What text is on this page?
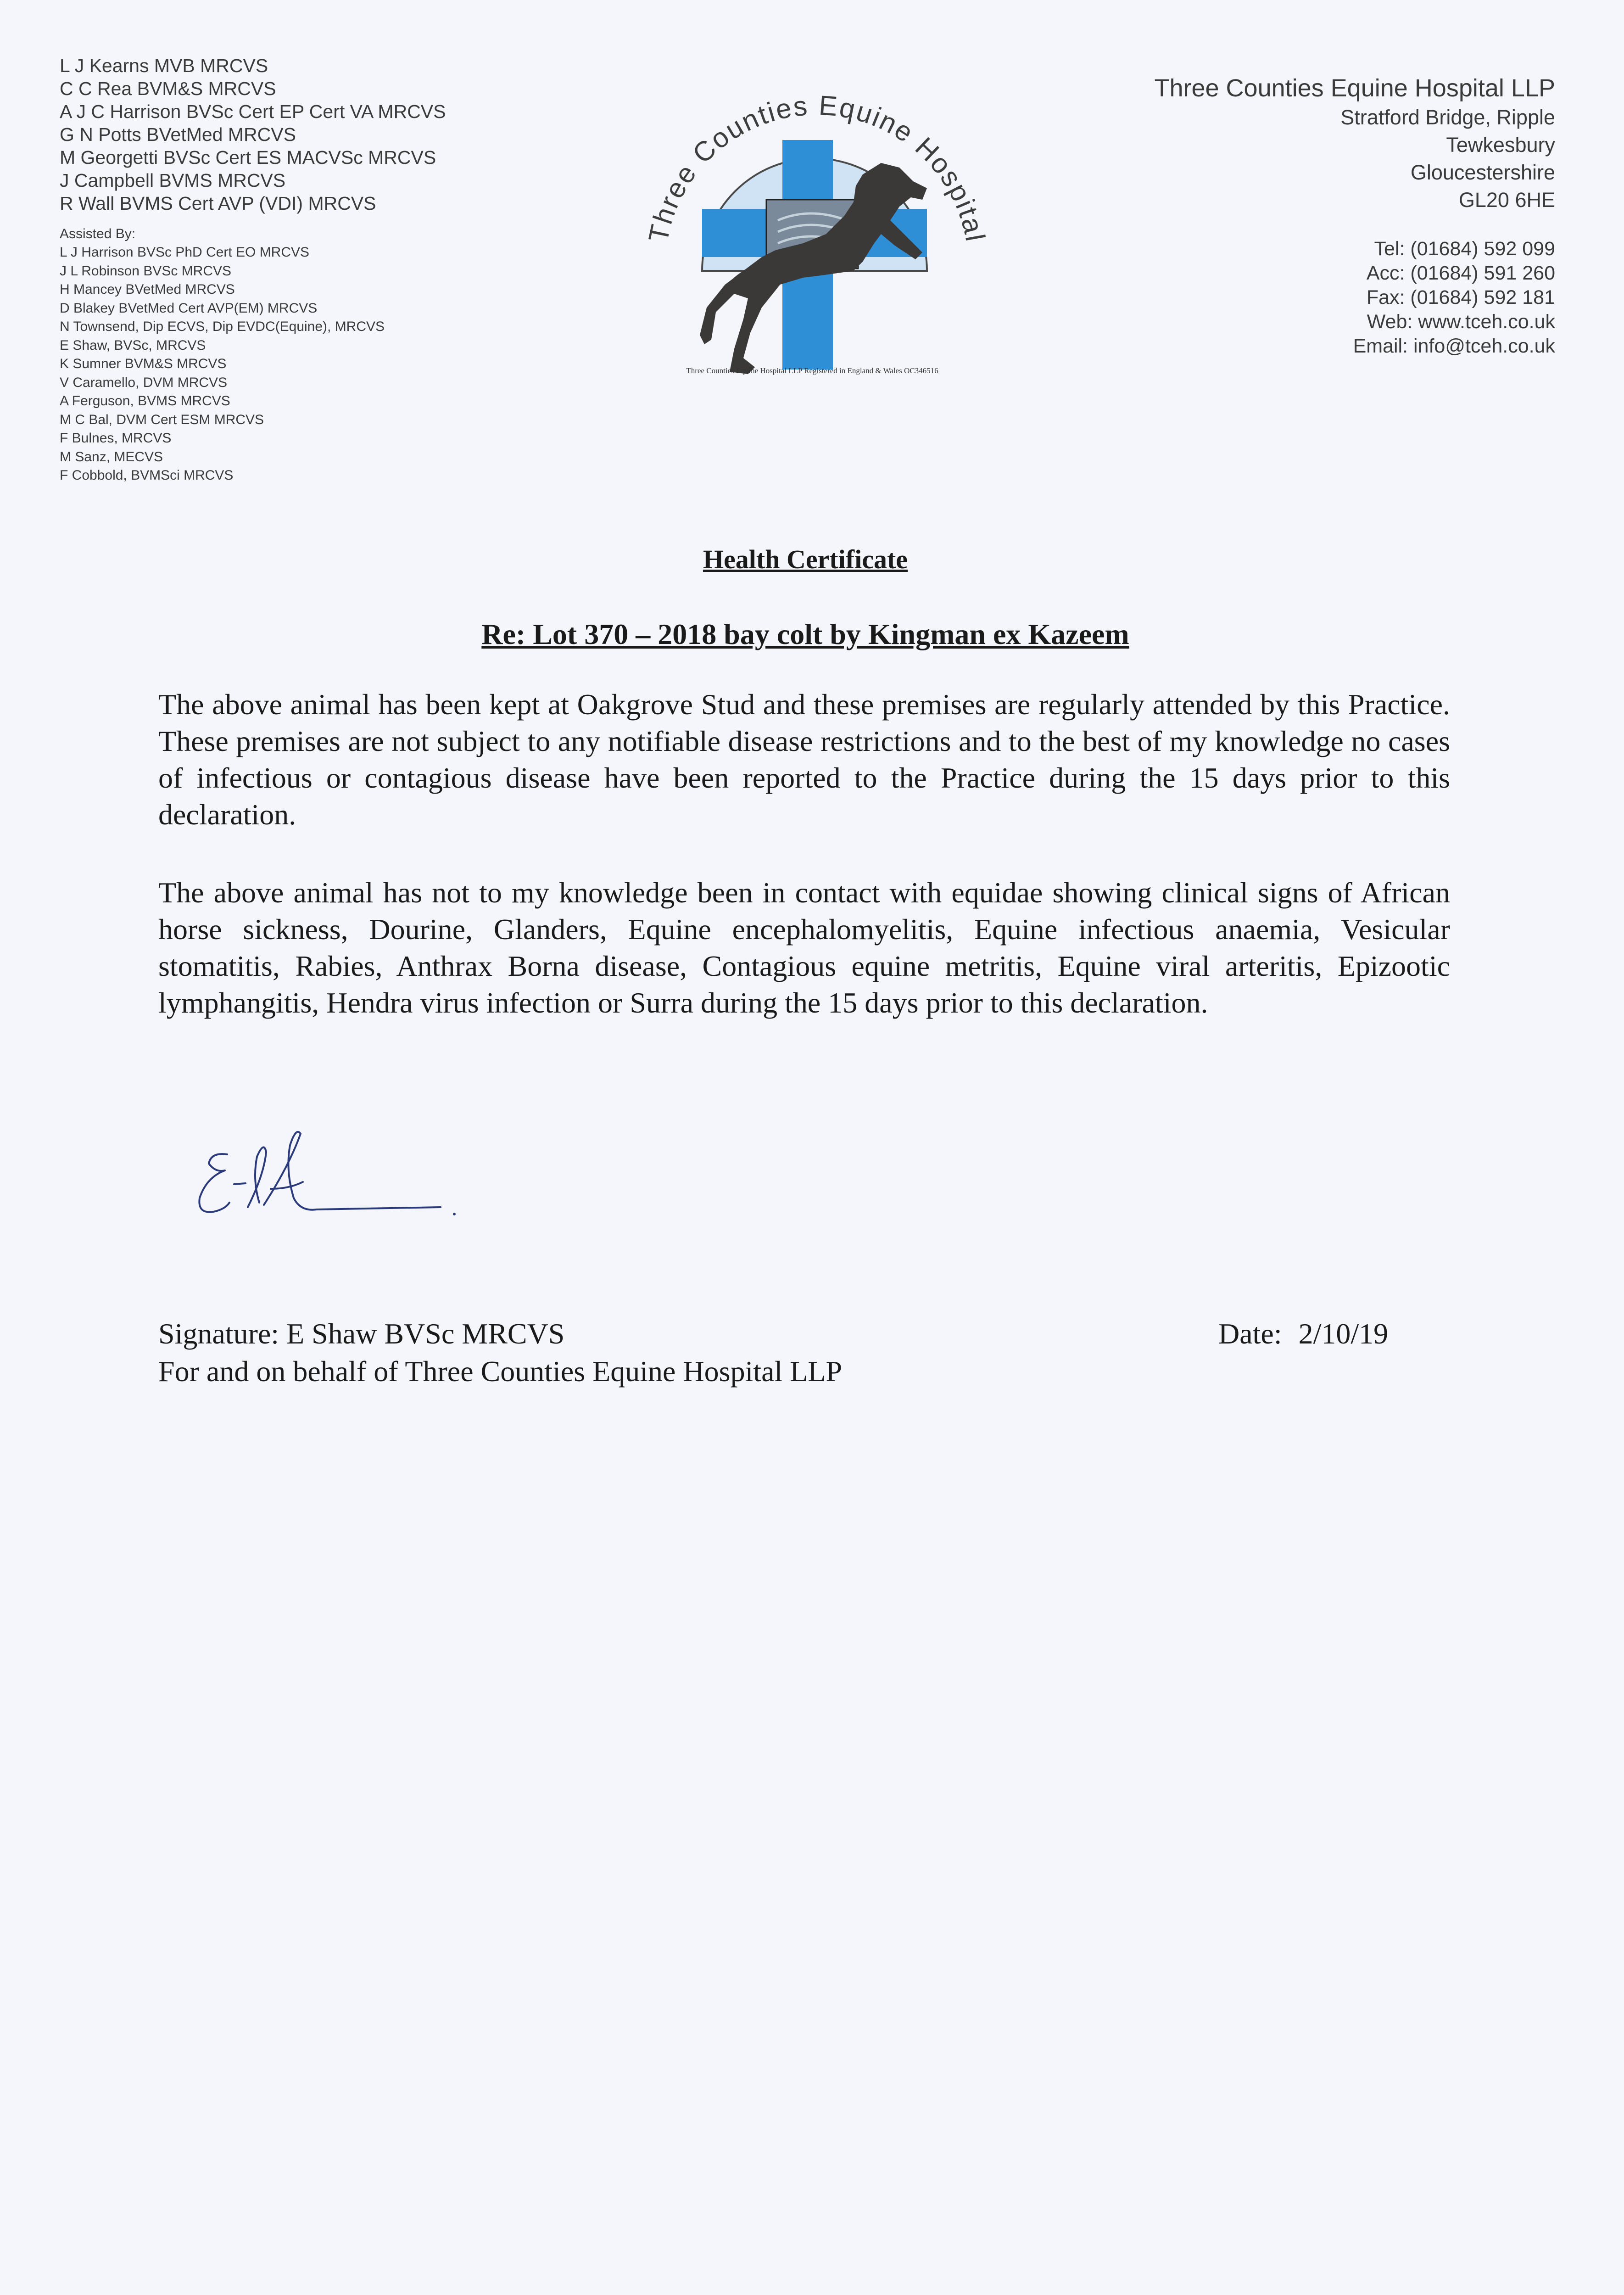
L J Kearns MVB MRCVS
C C Rea BVM&S MRCVS
A J C Harrison BVSc Cert EP Cert VA MRCVS
G N Potts BVetMed MRCVS
M Georgetti BVSc Cert ES MACVSc MRCVS
J Campbell BVMS MRCVS
R Wall BVMS Cert AVP (VDI) MRCVS
Assisted By:
L J Harrison BVSc PhD Cert EO MRCVS
J L Robinson BVSc MRCVS
H Mancey BVetMed MRCVS
D Blakey BVetMed Cert AVP(EM) MRCVS
N Townsend, Dip ECVS, Dip EVDC(Equine), MRCVS
E Shaw, BVSc, MRCVS
K Sumner BVM&S MRCVS
V Caramello, DVM MRCVS
A Ferguson, BVMS MRCVS
M C Bal, DVM Cert ESM MRCVS
F Bulnes, MRCVS
M Sanz, MECVS
F Cobbold, BVMSci MRCVS
Three Counties Equine Hospital
Three Counties Equine Hospital LLP Registered in England & Wales OC346516
Three Counties Equine Hospital LLP
Stratford Bridge, Ripple
Tewkesbury
Gloucestershire
GL20 6HE
Tel: (01684) 592 099
Acc: (01684) 591 260
Fax: (01684) 592 181
Web: www.tceh.co.uk
Email: info@tceh.co.uk
Health Certificate
Re: Lot 370 – 2018 bay colt by Kingman ex Kazeem
The above animal has been kept at Oakgrove Stud and these premises are regularly attended by this Practice. These premises are not subject to any notifiable disease restrictions and to the best of my knowledge no cases of infectious or contagious disease have been reported to the Practice during the 15 days prior to this declaration.
The above animal has not to my knowledge been in contact with equidae showing clinical signs of African horse sickness, Dourine, Glanders, Equine encephalomyelitis, Equine infectious anaemia, Vesicular stomatitis, Rabies, Anthrax Borna disease, Contagious equine metritis, Equine viral arteritis, Epizootic lymphangitis, Hendra virus infection or Surra during the 15 days prior to this declaration.
Signature: E Shaw BVSc MRCVS
For and on behalf of Three Counties Equine Hospital LLP
Date: 2/10/19
